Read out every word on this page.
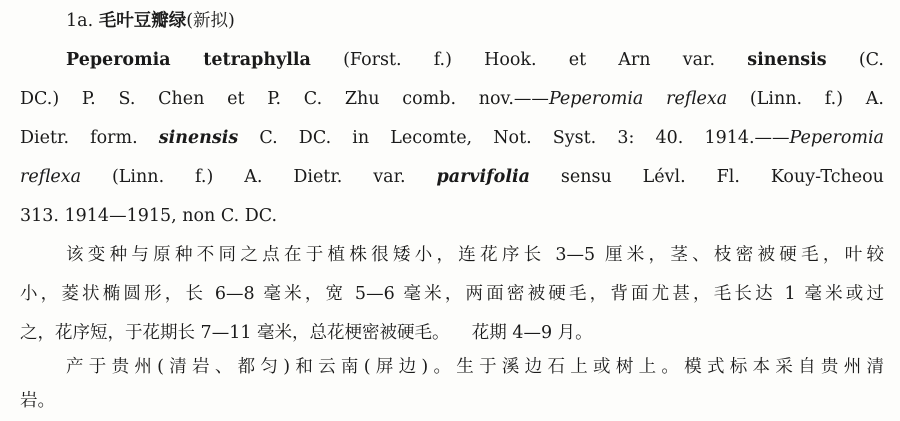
1a. 毛叶豆瓣绿(新拟)
Peperomia tetraphylla (Forst. f.) Hook. et Arn var. sinensis (C.
DC.) P. S. Chen et P. C. Zhu comb. nov.——Peperomia reflexa (Linn. f.) A.
Dietr. form. sinensis C. DC. in Lecomte, Not. Syst. 3: 40. 1914.——Peperomia
reflexa (Linn. f.) A. Dietr. var. parvifolia sensu Lévl. Fl. Kouy-Tcheou
313. 1914—1915, non C. DC.
该变种与原种不同之点在于植株很矮小，连花序长 3—5 厘米，茎、枝密被硬毛，叶较
小，菱状椭圆形，长 6—8 毫米，宽 5—6 毫米，两面密被硬毛，背面尤甚，毛长达 1 毫米或过
之，花序短，于花期长 7—11 毫米，总花梗密被硬毛。    花期 4—9 月。
产于贵州(清岩、都匀)和云南(屏边)。生于溪边石上或树上。模式标本采自贵州清
岩。
